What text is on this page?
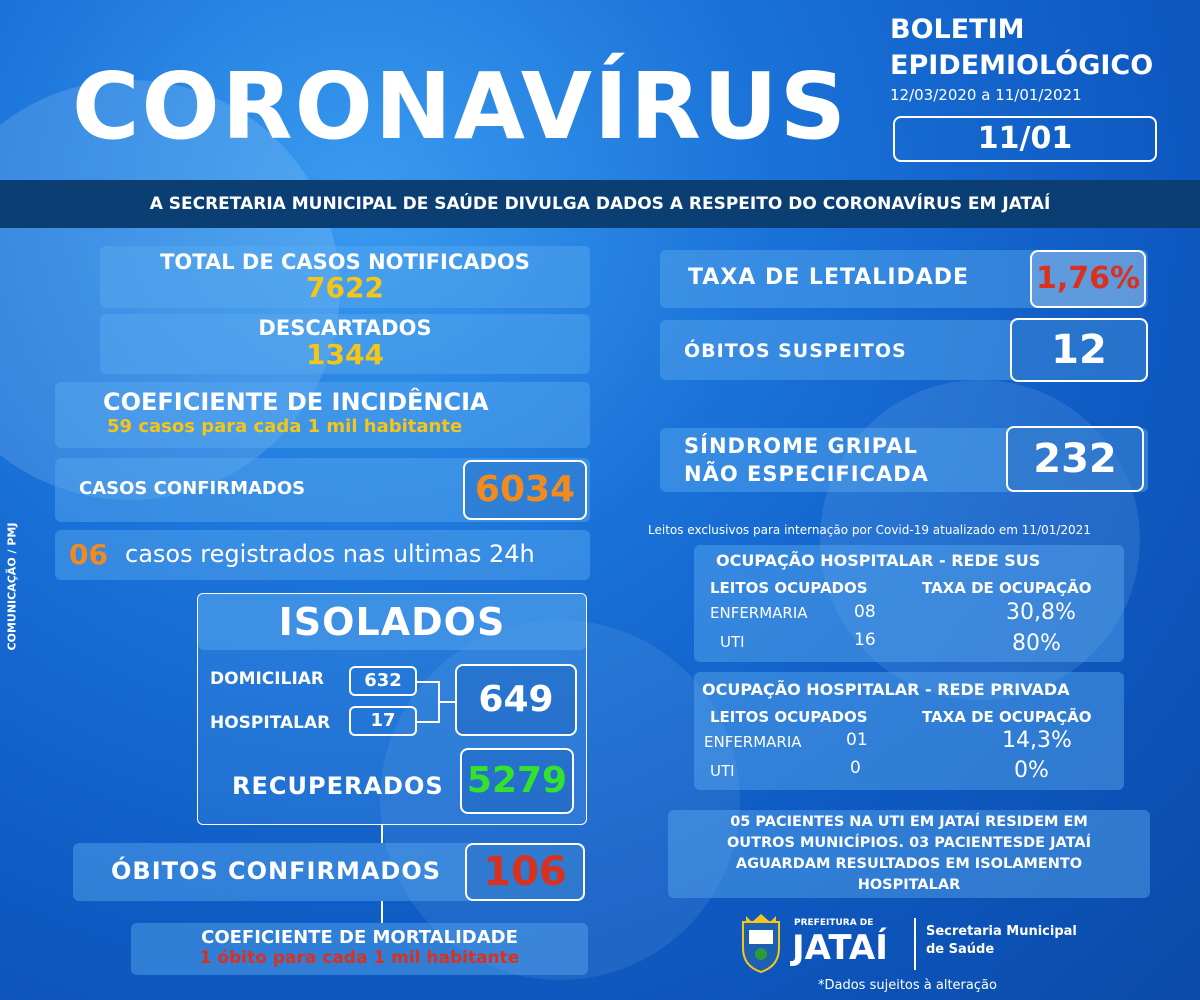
CORONAVÍRUS
BOLETIM
EPIDEMIOLÓGICO
12/03/2020 a 11/01/2021
11/01
A SECRETARIA MUNICIPAL DE SAÚDE DIVULGA DADOS A RESPEITO DO CORONAVÍRUS EM JATAÍ
COMUNICAÇÃO / PMJ
TOTAL DE CASOS NOTIFICADOS
7622
DESCARTADOS
1344
COEFICIENTE DE INCIDÊNCIA
59 casos para cada 1 mil habitante
CASOS CONFIRMADOS	6034
06 casos registrados nas ultimas 24h
ISOLADOS
DOMICILIAR	632
HOSPITALAR	17
649
RECUPERADOS 5279
ÓBITOS CONFIRMADOS	106
COEFICIENTE DE MORTALIDADE
1 óbito para cada 1 mil habitante
TAXA DE LETALIDADE 1,76%
ÓBITOS SUSPEITOS	12
SÍNDROME GRIPAL
NÃO ESPECIFICADA	232
Leitos exclusivos para internação por Covid-19 atualizado em 11/01/2021
OCUPAÇÃO HOSPITALAR - REDE SUS
LEITOS OCUPADOS	TAXA DE OCUPAÇÃO
ENFERMARIA	08	30,8%
UTI	16	80%
OCUPAÇÃO HOSPITALAR - REDE PRIVADA
LEITOS OCUPADOS	TAXA DE OCUPAÇÃO
ENFERMARIA	01	14,3%
UTI	0	0%
05 PACIENTES NA UTI EM JATAÍ RESIDEM EM
OUTROS MUNICÍPIOS. 03 PACIENTESDE JATAÍ
AGUARDAM RESULTADOS EM ISOLAMENTO
HOSPITALAR
PREFEITURA DE
JATAÍ	Secretaria Municipal
de Saúde
*Dados sujeitos à alteração
